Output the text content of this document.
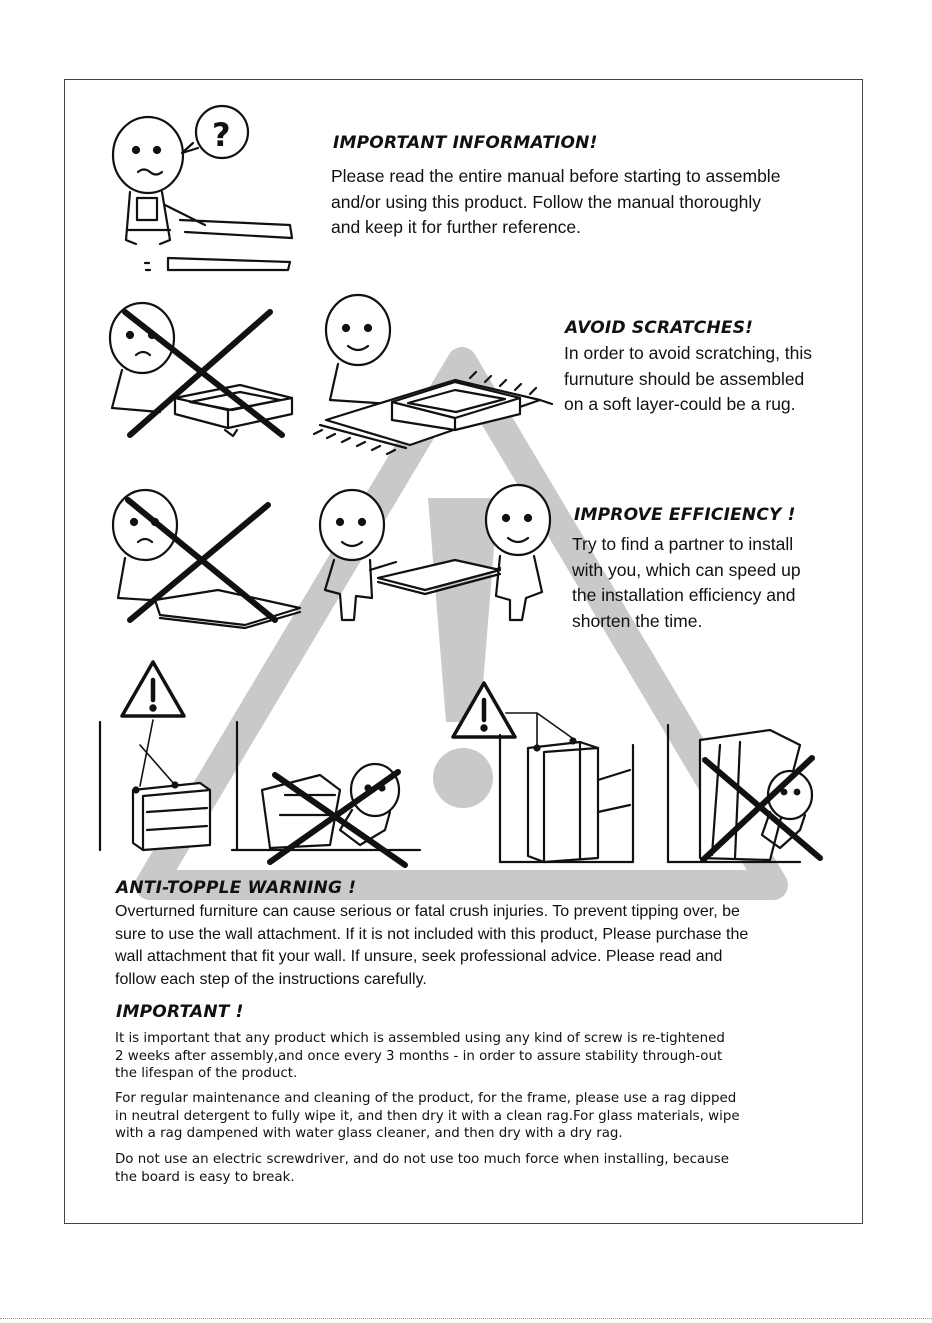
?	IMPORTANT INFORMATION!
Please read the entire manual before starting to assemble
and/or using this product. Follow the manual thoroughly
and keep it for further reference.
AVOID SCRATCHES!
In order to avoid scratching, this
furnuture should be assembled
on a soft layer-could be a rug.
IMPROVE EFFICIENCY !
Try to find a partner to install
with you, which can speed up
the installation efficiency and
shorten the time.
ANTI-TOPPLE WARNING !
Overturned furniture can cause serious or fatal crush injuries. To prevent tipping over, be
sure to use the wall attachment. If it is not included with this product, Please purchase the
wall attachment that fit your wall. If unsure, seek professional advice. Please read and
follow each step of the instructions carefully.
IMPORTANT !
It is important that any product which is assembled using any kind of screw is re-tightened
2 weeks after assembly,and once every 3 months - in order to assure stability through-out
the lifespan of the product.
For regular maintenance and cleaning of the product, for the frame, please use a rag dipped
in neutral detergent to fully wipe it, and then dry it with a clean rag.For glass materials, wipe
with a rag dampened with water glass cleaner, and then dry with a dry rag.
Do not use an electric screwdriver, and do not use too much force when installing, because
the board is easy to break.
